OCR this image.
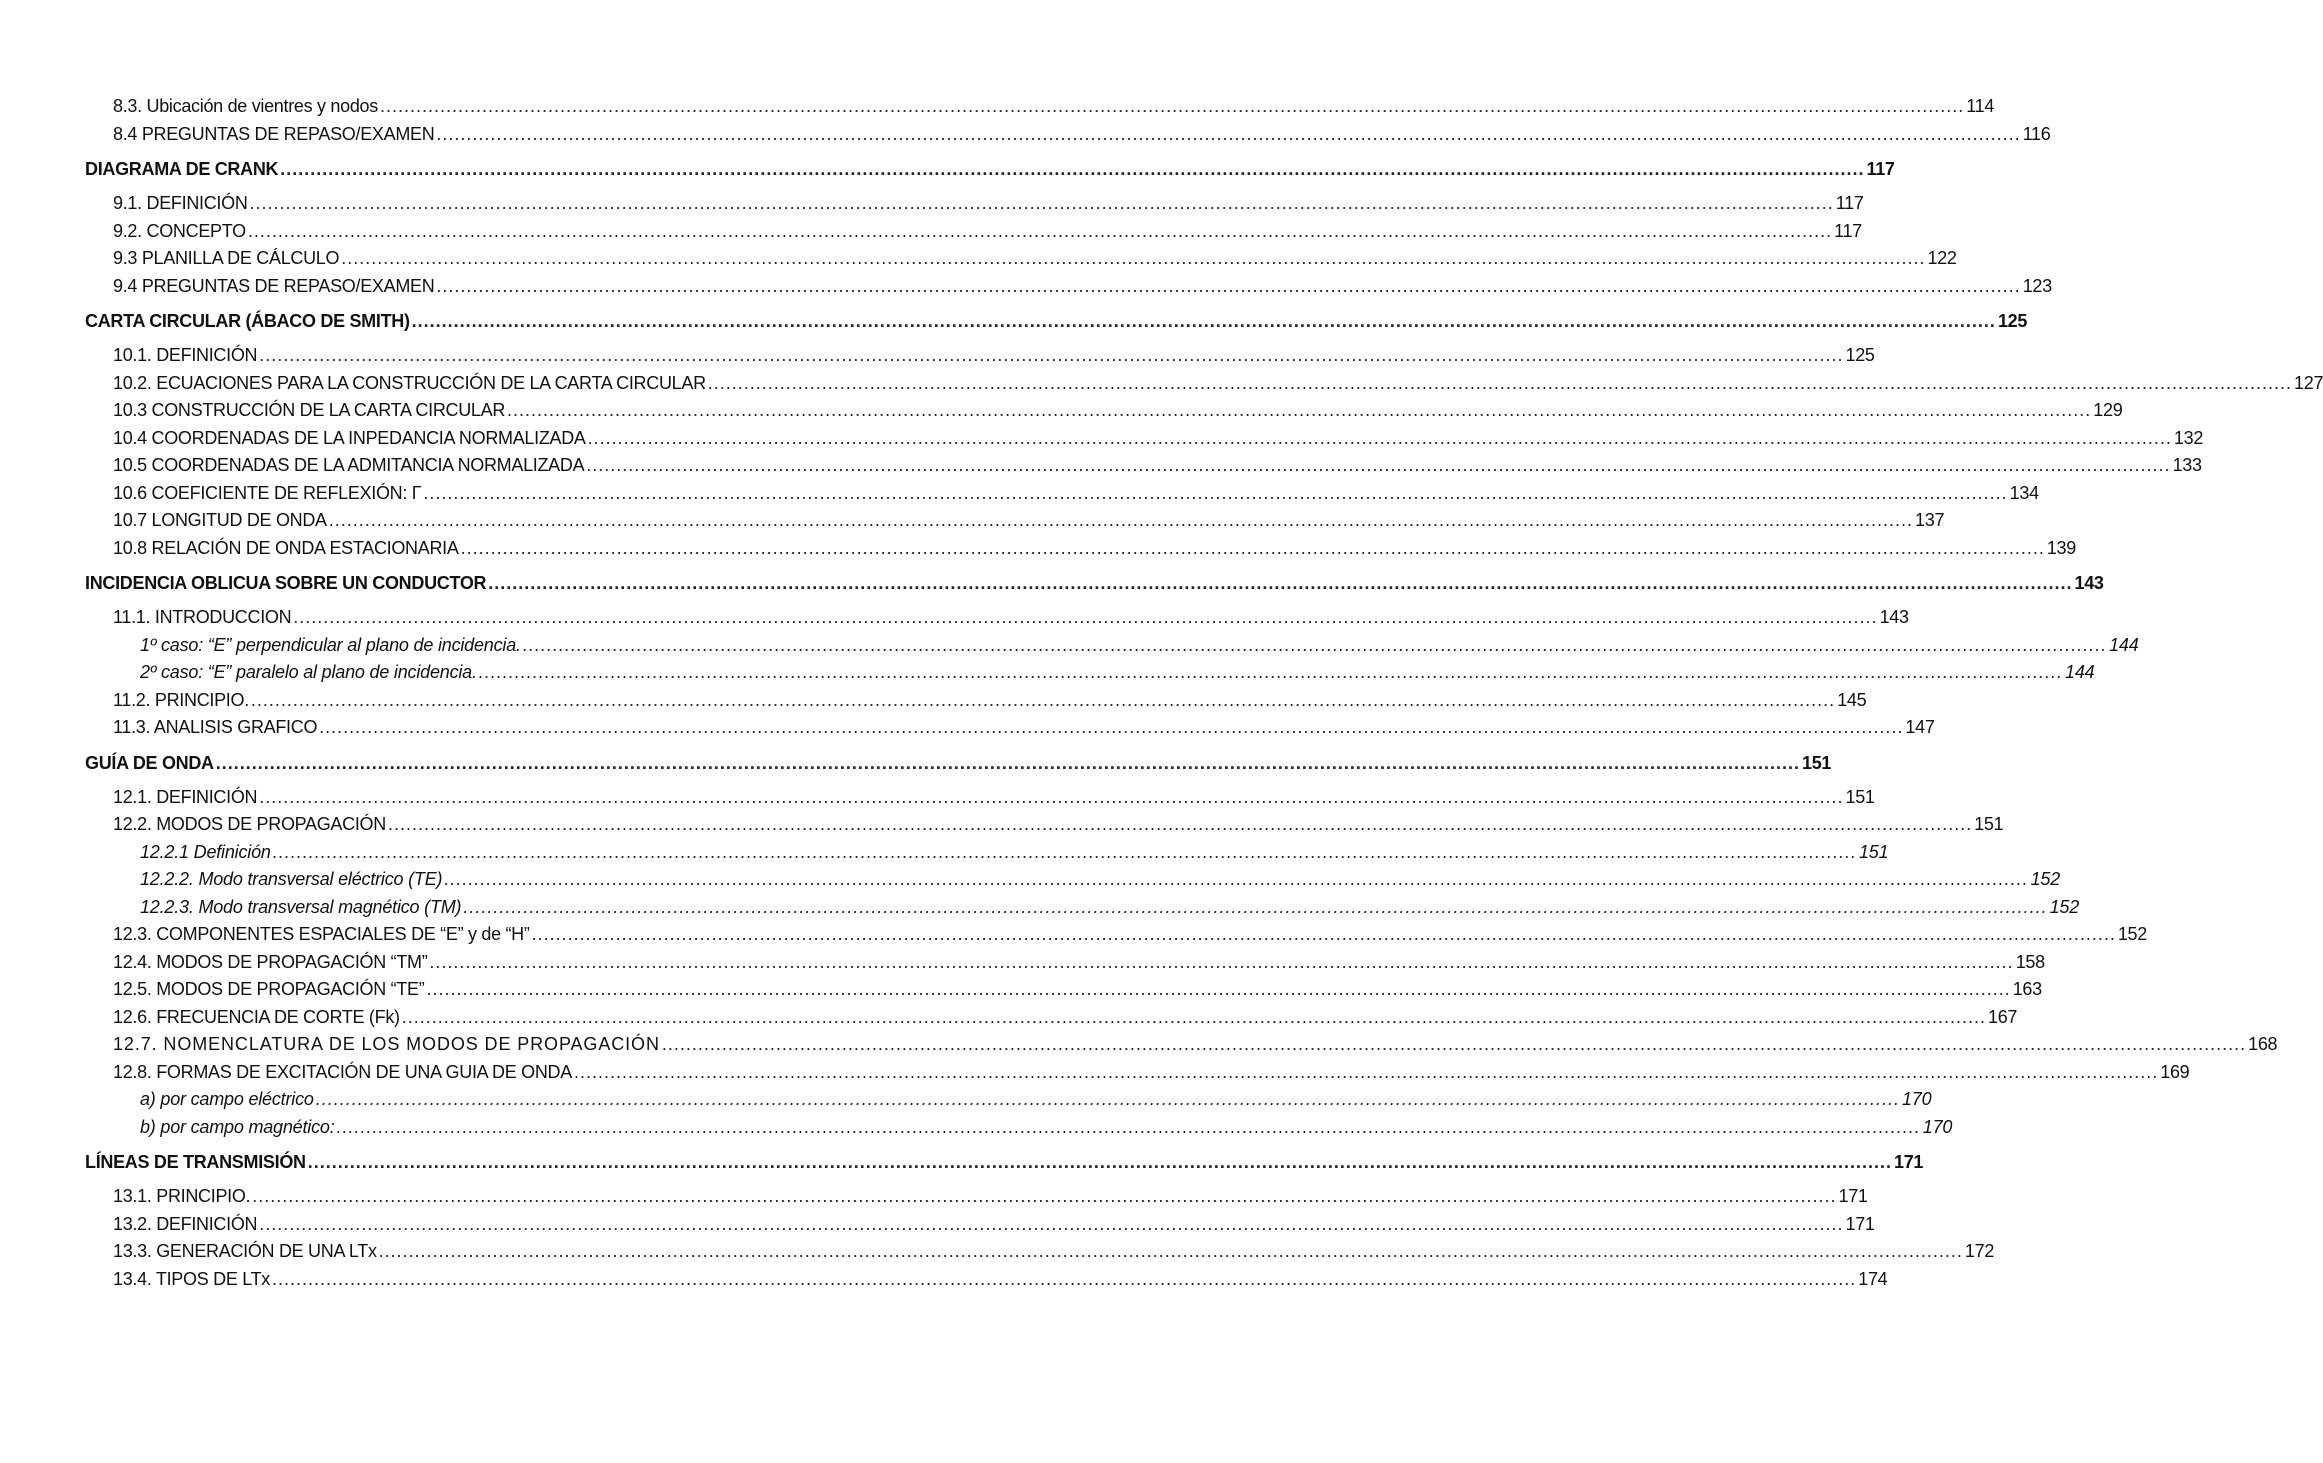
8.3. Ubicación de vientres y nodos .....	114
8.4 PREGUNTAS DE REPASO/EXAMEN .....	116
DIAGRAMA DE CRANK .....	117
9.1. DEFINICIÓN .....	117
9.2. CONCEPTO .....	117
9.3 PLANILLA DE CÁLCULO .....	122
9.4 PREGUNTAS DE REPASO/EXAMEN .....	123
CARTA CIRCULAR (ÁBACO DE SMITH) .....	125
10.1. DEFINICIÓN .....	125
10.2. ECUACIONES PARA LA CONSTRUCCIÓN DE LA CARTA CIRCULAR .....	127
10.3 CONSTRUCCIÓN DE LA CARTA CIRCULAR .....	129
10.4 COORDENADAS DE LA INPEDANCIA NORMALIZADA .....	132
10.5 COORDENADAS DE LA ADMITANCIA NORMALIZADA .....	133
10.6 COEFICIENTE DE REFLEXIÓN: Γ .....	134
10.7 LONGITUD DE ONDA .....	137
10.8 RELACIÓN DE ONDA ESTACIONARIA .....	139
INCIDENCIA OBLICUA SOBRE UN CONDUCTOR .....	143
11.1. INTRODUCCION .....	143
1º caso: “E” perpendicular al plano de incidencia. .....	144
2º caso: “E” paralelo al plano de incidencia. .....	144
11.2. PRINCIPIO. .....	145
11.3. ANALISIS GRAFICO .....	147
GUÍA DE ONDA .....	151
12.1. DEFINICIÓN .....	151
12.2. MODOS DE PROPAGACIÓN .....	151
12.2.1 Definición .....	151
12.2.2. Modo transversal eléctrico (TE) .....	152
12.2.3. Modo transversal magnético (TM) .....	152
12.3. COMPONENTES ESPACIALES DE “E” y de “H” .....	152
12.4. MODOS DE PROPAGACIÓN “TM” .....	158
12.5. MODOS DE PROPAGACIÓN “TE” .....	163
12.6. FRECUENCIA DE CORTE (Fk) .....	167
12.7. NOMENCLATURA DE LOS MODOS DE PROPAGACIÓN .....	168
12.8. FORMAS DE EXCITACIÓN DE UNA GUIA DE ONDA .....	169
a) por campo eléctrico .....	170
b) por campo magnético: .....	170
LÍNEAS DE TRANSMISIÓN .....	171
13.1. PRINCIPIO. .....	171
13.2. DEFINICIÓN .....	171
13.3. GENERACIÓN DE UNA LTx .....	172
13.4. TIPOS DE LTx .....	174
